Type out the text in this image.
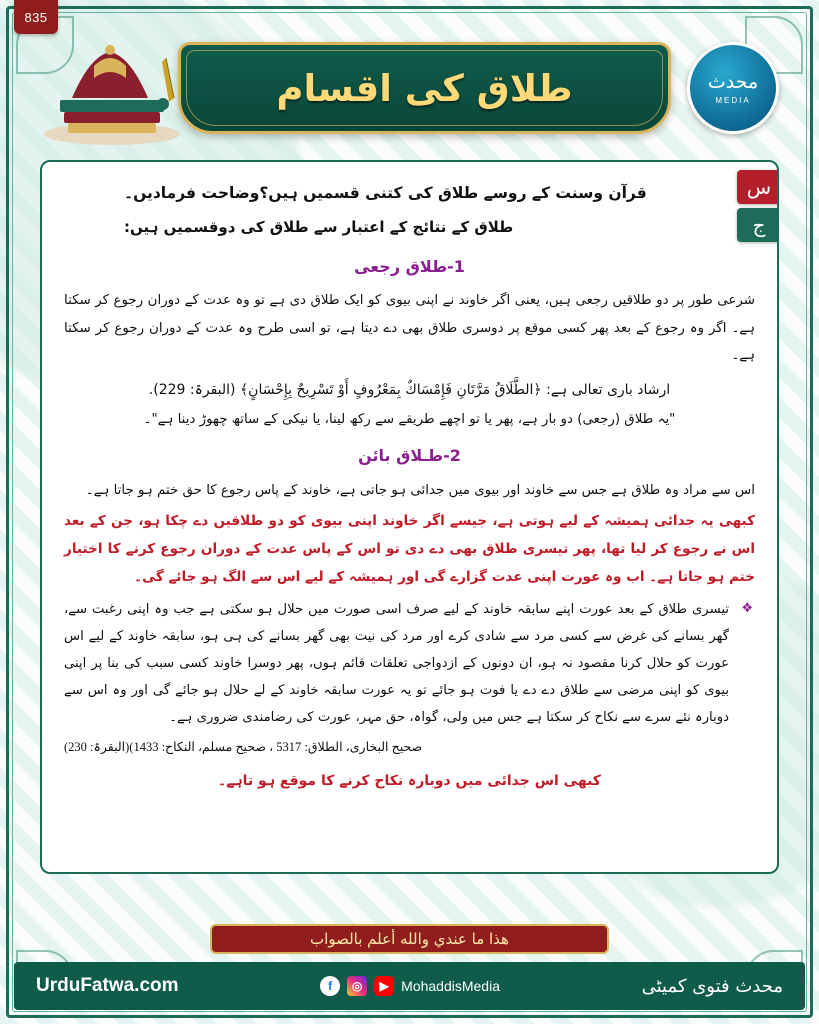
835
طلاق کی اقسام	محدث
MEDIA
س
ج
قرآن وسنت کے روسے طلاق کی کتنی قسمیں ہیں؟وضاحت فرمادیں۔
طلاق کے نتائج کے اعتبار سے طلاق کی دوقسمیں ہیں:
1-طلاق رجعی
شرعی طور پر دو طلاقیں رجعی ہیں، یعنی اگر خاوند نے اپنی بیوی کو ایک طلاق دی ہے تو وہ عدت کے دوران رجوع کر سکتا ہے۔ اگر وہ رجوع کے بعد پھر کسی موقع پر دوسری طلاق بھی دے دیتا ہے، تو اسی طرح وہ عدت کے دوران رجوع کر سکتا ہے۔
ارشاد باری تعالی ہے: ﴿الطَّلَاقُ مَرَّتَانِ فَإِمْسَاكٌ بِمَعْرُوفٍ أَوْ تَسْرِيحٌ بِإِحْسَانٍ﴾ (البقرۃ: 229).
"یہ طلاق (رجعی) دو بار ہے، پھر یا تو اچھے طریقے سے رکھ لینا، یا نیکی کے ساتھ چھوڑ دینا ہے"۔
2-طـلاق بائن
اس سے مراد وہ طلاق ہے جس سے خاوند اور بیوی میں جدائی ہو جاتی ہے، خاوند کے پاس رجوع کا حق ختم ہو جاتا ہے۔
کبھی یہ جدائی ہمیشہ کے لیے ہوتی ہے، جیسے اگر خاوند اپنی بیوی کو دو طلاقیں دے چکا ہو، جن کے بعد اس نے رجوع کر لیا تھا، پھر تیسری طلاق بھی دے دی تو اس کے پاس عدت کے دوران رجوع کرنے کا اختیار ختم ہو جاتا ہے۔ اب وہ عورت اپنی عدت گزارے گی اور ہمیشہ کے لیے اس سے الگ ہو جائے گی۔
❖
تیسری طلاق کے بعد عورت اپنے سابقہ خاوند کے لیے صرف اسی صورت میں حلال ہو سکتی ہے جب وہ اپنی رغبت سے، گھر بسانے کی غرض سے کسی مرد سے شادی کرے اور مرد کی نیت بھی گھر بسانے کی ہی ہو، سابقہ خاوند کے لیے اس عورت کو حلال کرنا مقصود نہ ہو، ان دونوں کے ازدواجی تعلقات قائم ہوں، پھر دوسرا خاوند کسی سبب کی بنا پر اپنی بیوی کو اپنی مرضی سے طلاق دے دے یا فوت ہو جائے تو یہ عورت سابقہ خاوند کے لے حلال ہو جائے گی اور وہ اس سے دوبارہ نئے سرے سے نکاح کر سکتا ہے جس میں ولی، گواہ، حق مہر، عورت کی رضامندی ضروری ہے۔
(البقرۃ: 230)(صحیح البخاری، الطلاق: 5317 ، صحیح مسلم، النکاح: 1433
کبھی اس جدائی میں دوبارہ نکاح کرنے کا موقع ہو تاہے۔
هذا ما عندي والله أعلم بالصواب
UrduFatwa.com	f	◎	▶ MohaddisMedia	محدث فتوی کمیٹی
